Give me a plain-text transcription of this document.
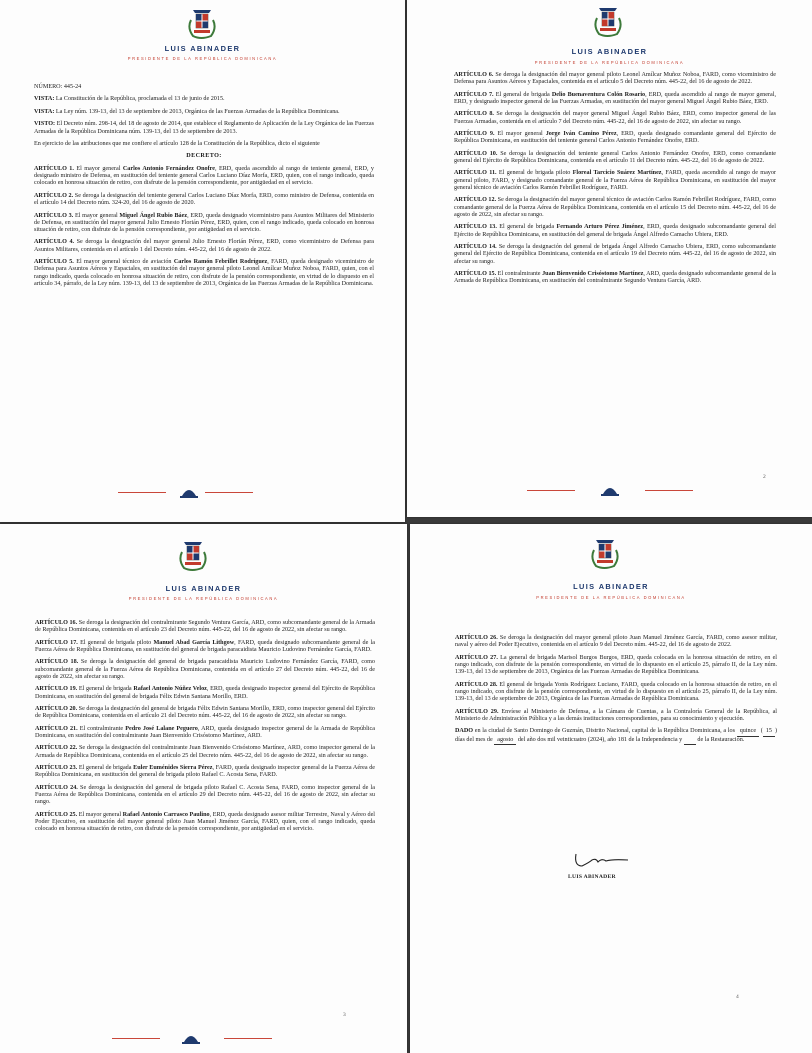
LUIS ABINADER
PRESIDENTE DE LA REPÚBLICA DOMINICANA

NÚMERO: 445-24

VISTA: La Constitución de la República, proclamada el 13 de junio de 2015.

VISTA: La Ley núm. 139-13, del 13 de septiembre de 2013, Orgánica de las Fuerzas Armadas de la República Dominicana.

VISTO: El Decreto núm. 298-14, del 18 de agosto de 2014, que establece el Reglamento de Aplicación de la Ley Orgánica de las Fuerzas Armadas de la República Dominicana núm. 139-13, del 13 de septiembre de 2013.

En ejercicio de las atribuciones que me confiere el artículo 128 de la Constitución de la República, dicto el siguiente

DECRETO:

ARTÍCULO 1. El mayor general Carlos Antonio Fernández Onofre, ERD, queda ascendido al rango de teniente general, ERD, y designado ministro de Defensa, en sustitución del teniente general Carlos Luciano Díaz Morfa, ERD, quien, con el rango indicado, queda colocado en honrosa situación de retiro, con disfrute de la pensión correspondiente, por antigüedad en el servicio.

ARTÍCULO 2. Se deroga la designación del teniente general Carlos Luciano Díaz Morfa, ERD, como ministro de Defensa, contenida en el artículo 14 del Decreto núm. 324-20, del 16 de agosto de 2020.

ARTÍCULO 3. El mayor general Miguel Ángel Rubio Báez, ERD, queda designado viceministro para Asuntos Militares del Ministerio de Defensa, en sustitución del mayor general Julio Ernesto Florián Pérez, ERD, quien, con el rango indicado, queda colocado en honrosa situación de retiro, con disfrute de la pensión correspondiente, por antigüedad en el servicio.

ARTÍCULO 4. Se deroga la designación del mayor general Julio Ernesto Florián Pérez, ERD, como viceministro de Defensa para Asuntos Militares, contenida en el artículo 1 del Decreto núm. 445-22, del 16 de agosto de 2022.

ARTÍCULO 5. El mayor general técnico de aviación Carlos Ramón Febrillet Rodríguez, FARD, queda designado viceministro de Defensa para Asuntos Aéreos y Espaciales, en sustitución del mayor general piloto Leonel Amílcar Muñoz Noboa, FARD, quien, con el rango indicado, queda colocado en honrosa situación de retiro, con disfrute de la pensión correspondiente, en virtud de lo dispuesto en el artículo 34, párrafo, de la Ley núm. 139-13, del 13 de septiembre de 2013, Orgánica de las Fuerzas Armadas de la República Dominicana.

LUIS ABINADER
PRESIDENTE DE LA REPÚBLICA DOMINICANA

ARTÍCULO 6. Se deroga la designación del mayor general piloto Leonel Amílcar Muñoz Noboa, FARD, como viceministro de Defensa para Asuntos Aéreos y Espaciales, contenida en el artículo 5 del Decreto núm. 445-22, del 16 de agosto de 2022.

ARTÍCULO 7. El general de brigada Delio Buenaventura Colón Rosario, ERD, queda ascendido al rango de mayor general, ERD, y designado inspector general de las Fuerzas Armadas, en sustitución del mayor general Miguel Ángel Rubio Báez, ERD.

ARTÍCULO 8. Se deroga la designación del mayor general Miguel Ángel Rubio Báez, ERD, como inspector general de las Fuerzas Armadas, contenida en el artículo 7 del Decreto núm. 445-22, del 16 de agosto de 2022, sin afectar su rango.

ARTÍCULO 9. El mayor general Jorge Iván Camino Pérez, ERD, queda designado comandante general del Ejército de República Dominicana, en sustitución del teniente general Carlos Antonio Fernández Onofre, ERD.

ARTÍCULO 10. Se deroga la designación del teniente general Carlos Antonio Fernández Onofre, ERD, como comandante general del Ejército de República Dominicana, contenida en el artículo 11 del Decreto núm. 445-22, del 16 de agosto de 2022.

ARTÍCULO 11. El general de brigada piloto Floreal Tarcicio Suárez Martínez, FARD, queda ascendido al rango de mayor general piloto, FARD, y designado comandante general de la Fuerza Aérea de República Dominicana, en sustitución del mayor general técnico de aviación Carlos Ramón Febrillet Rodríguez, FARD.

ARTÍCULO 12. Se deroga la designación del mayor general técnico de aviación Carlos Ramón Febrillet Rodríguez, FARD, como comandante general de la Fuerza Aérea de República Dominicana, contenida en el artículo 15 del Decreto núm. 445-22, del 16 de agosto de 2022, sin afectar su rango.

ARTÍCULO 13. El general de brigada Fernando Arturo Pérez Jiménez, ERD, queda designado subcomandante general del Ejército de República Dominicana, en sustitución del general de brigada Ángel Alfredo Camacho Ubiera, ERD.

ARTÍCULO 14. Se deroga la designación del general de brigada Ángel Alfredo Camacho Ubiera, ERD, como subcomandante general del Ejército de República Dominicana, contenida en el artículo 19 del Decreto núm. 445-22, del 16 de agosto de 2022, sin afectar su rango.

ARTÍCULO 15. El contralmirante Juan Bienvenido Crisóstomo Martínez, ARD, queda designado subcomandante general de la Armada de República Dominicana, en sustitución del contralmirante Segundo Ventura García, ARD.

2
LUIS ABINADER
PRESIDENTE DE LA REPÚBLICA DOMINICANA

ARTÍCULO 16. Se deroga la designación del contralmirante Segundo Ventura García, ARD, como subcomandante general de la Armada de República Dominicana, contenida en el artículo 23 del Decreto núm. 445-22, del 16 de agosto de 2022, sin afectar su rango.

ARTÍCULO 17. El general de brigada piloto Manuel Abad García Lithgow, FARD, queda designado subcomandante general de la Fuerza Aérea de República Dominicana, en sustitución del general de brigada paracaidista Mauricio Ludovino Fernández García, FARD.

ARTÍCULO 18. Se deroga la designación del general de brigada paracaidista Mauricio Ludovino Fernández García, FARD, como subcomandante general de la Fuerza Aérea de República Dominicana, contenida en el artículo 27 del Decreto núm. 445-22, del 16 de agosto de 2022, sin afectar su rango.

ARTÍCULO 19. El general de brigada Rafael Antonio Núñez Veloz, ERD, queda designado inspector general del Ejército de República Dominicana, en sustitución del general de brigada Félix Edwin Santana Morillo, ERD.

ARTÍCULO 20. Se deroga la designación del general de brigada Félix Edwin Santana Morillo, ERD, como inspector general del Ejército de República Dominicana, contenida en el artículo 21 del Decreto núm. 445-22, del 16 de agosto de 2022, sin afectar su rango.

ARTÍCULO 21. El contralmirante Pedro José Lalane Peguero, ARD, queda designado inspector general de la Armada de República Dominicana, en sustitución del contralmirante Juan Bienvenido Crisóstomo Martínez, ARD.

ARTÍCULO 22. Se deroga la designación del contralmirante Juan Bienvenido Crisóstomo Martínez, ARD, como inspector general de la Armada de República Dominicana, contenida en el artículo 25 del Decreto núm. 445-22, del 16 de agosto de 2022, sin afectar su rango.

ARTÍCULO 23. El general de brigada Euler Euménides Sierra Pérez, FARD, queda designado inspector general de la Fuerza Aérea de República Dominicana, en sustitución del general de brigada piloto Rafael C. Acosta Sena, FARD.

ARTÍCULO 24. Se deroga la designación del general de brigada piloto Rafael C. Acosta Sena, FARD, como inspector general de la Fuerza Aérea de República Dominicana, contenida en el artículo 29 del Decreto núm. 445-22, del 16 de agosto de 2022, sin afectar su rango.

ARTÍCULO 25. El mayor general Rafael Antonio Carrasco Paulino, ERD, queda designado asesor militar Terrestre, Naval y Aéreo del Poder Ejecutivo, en sustitución del mayor general piloto Juan Manuel Jiménez García, FARD, quien, con el rango indicado, queda colocado en honrosa situación de retiro, con disfrute de la pensión correspondiente, por antigüedad en el servicio.

3
LUIS ABINADER
PRESIDENTE DE LA REPÚBLICA DOMINICANA

ARTÍCULO 26. Se deroga la designación del mayor general piloto Juan Manuel Jiménez García, FARD, como asesor militar, naval y aéreo del Poder Ejecutivo, contenida en el artículo 9 del Decreto núm. 445-22, del 16 de agosto de 2022.

ARTÍCULO 27. La general de brigada Marisol Burgos Burgos, ERD, queda colocada en la honrosa situación de retiro, en el rango indicado, con disfrute de la pensión correspondiente, en virtud de lo dispuesto en el artículo 25, párrafo II, de la Ley núm. 139-13, del 13 de septiembre de 2013, Orgánica de las Fuerzas Armadas de República Dominicana.

ARTÍCULO 28. El general de brigada Yonis Rodríguez Luciano, FARD, queda colocado en la honrosa situación de retiro, en el rango indicado, con disfrute de la pensión correspondiente, en virtud de lo dispuesto en el artículo 25, párrafo II, de la Ley núm. 139-13, del 13 de septiembre de 2013, Orgánica de las Fuerzas Armadas de República Dominicana.

ARTÍCULO 29. Envíese al Ministerio de Defensa, a la Cámara de Cuentas, a la Contraloría General de la República, al Ministerio de Administración Pública y a las demás instituciones correspondientes, para su conocimiento y ejecución.

DADO en la ciudad de Santo Domingo de Guzmán, Distrito Nacional, capital de la República Dominicana, a los quince ( 15 ) días del mes de agosto del año dos mil veinticuatro (2024), año 181 de la Independencia y      de la Restauración.

LUIS ABINADER
4
